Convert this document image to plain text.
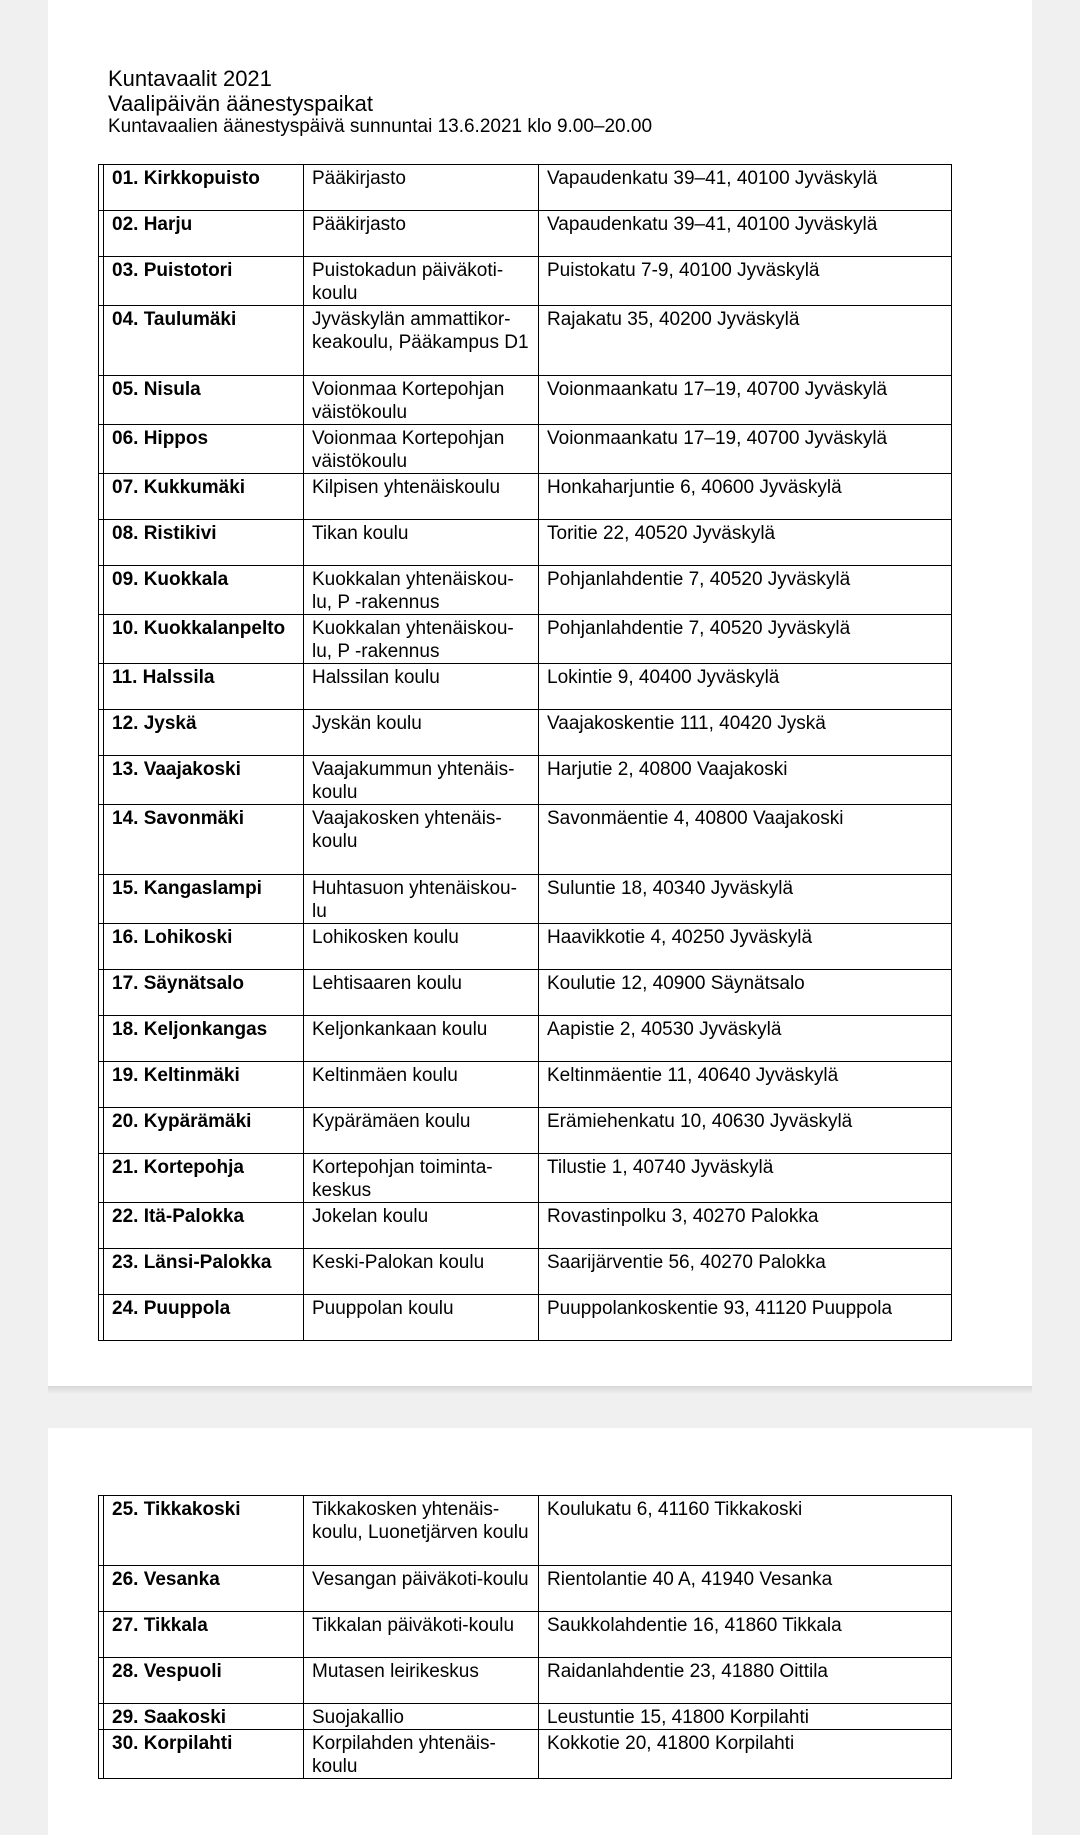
Kuntavaalit 2021
Vaalipäivän äänestyspaikat
Kuntavaalien äänestyspäivä sunnuntai 13.6.2021 klo 9.00–20.00
	01. Kirkkopuisto	Pääkirjasto	Vapaudenkatu 39–41, 40100 Jyväskylä
	02. Harju	Pääkirjasto	Vapaudenkatu 39–41, 40100 Jyväskylä
	03. Puistotori	Puistokadun päiväkoti-koulu	Puistokatu 7-9, 40100 Jyväskylä
	04. Taulumäki	Jyväskylän ammattikor-keakoulu, Pääkampus D1	Rajakatu 35, 40200 Jyväskylä
	05. Nisula	Voionmaa Kortepohjan väistökoulu	Voionmaankatu 17–19, 40700 Jyväskylä
	06. Hippos	Voionmaa Kortepohjan väistökoulu	Voionmaankatu 17–19, 40700 Jyväskylä
	07. Kukkumäki	Kilpisen yhtenäiskoulu	Honkaharjuntie 6, 40600 Jyväskylä
	08. Ristikivi	Tikan koulu	Toritie 22, 40520 Jyväskylä
	09. Kuokkala	Kuokkalan yhtenäiskou-lu, P -rakennus	Pohjanlahdentie 7, 40520 Jyväskylä
	10. Kuokkalanpelto	Kuokkalan yhtenäiskou-lu, P -rakennus	Pohjanlahdentie 7, 40520 Jyväskylä
	11. Halssila	Halssilan koulu	Lokintie 9, 40400 Jyväskylä
	12. Jyskä	Jyskän koulu	Vaajakoskentie 111, 40420 Jyskä
	13. Vaajakoski	Vaajakummun yhtenäis-koulu	Harjutie 2, 40800 Vaajakoski
	14. Savonmäki	Vaajakosken yhtenäis-koulu	Savonmäentie 4, 40800 Vaajakoski
	15. Kangaslampi	Huhtasuon yhtenäiskou-lu	Suluntie 18, 40340 Jyväskylä
	16. Lohikoski	Lohikosken koulu	Haavikkotie 4, 40250 Jyväskylä
	17. Säynätsalo	Lehtisaaren koulu	Koulutie 12, 40900 Säynätsalo
	18. Keljonkangas	Keljonkankaan koulu	Aapistie 2, 40530 Jyväskylä
	19. Keltinmäki	Keltinmäen koulu	Keltinmäentie 11, 40640 Jyväskylä
	20. Kypärämäki	Kypärämäen koulu	Erämiehenkatu 10, 40630 Jyväskylä
	21. Kortepohja	Kortepohjan toiminta-keskus	Tilustie 1, 40740 Jyväskylä
	22. Itä-Palokka	Jokelan koulu	Rovastinpolku 3, 40270 Palokka
	23. Länsi-Palokka	Keski-Palokan koulu	Saarijärventie 56, 40270 Palokka
	24. Puuppola	Puuppolan koulu	Puuppolankoskentie 93, 41120 Puuppola
	25. Tikkakoski	Tikkakosken yhtenäis-koulu, Luonetjärven koulu	Koulukatu 6, 41160 Tikkakoski
	26. Vesanka	Vesangan päiväkoti-koulu	Rientolantie 40 A, 41940 Vesanka
	27. Tikkala	Tikkalan päiväkoti-koulu	Saukkolahdentie 16, 41860 Tikkala
	28. Vespuoli	Mutasen leirikeskus	Raidanlahdentie 23, 41880 Oittila
	29. Saakoski	Suojakallio	Leustuntie 15, 41800 Korpilahti
	30. Korpilahti	Korpilahden yhtenäis-koulu	Kokkotie 20, 41800 Korpilahti
